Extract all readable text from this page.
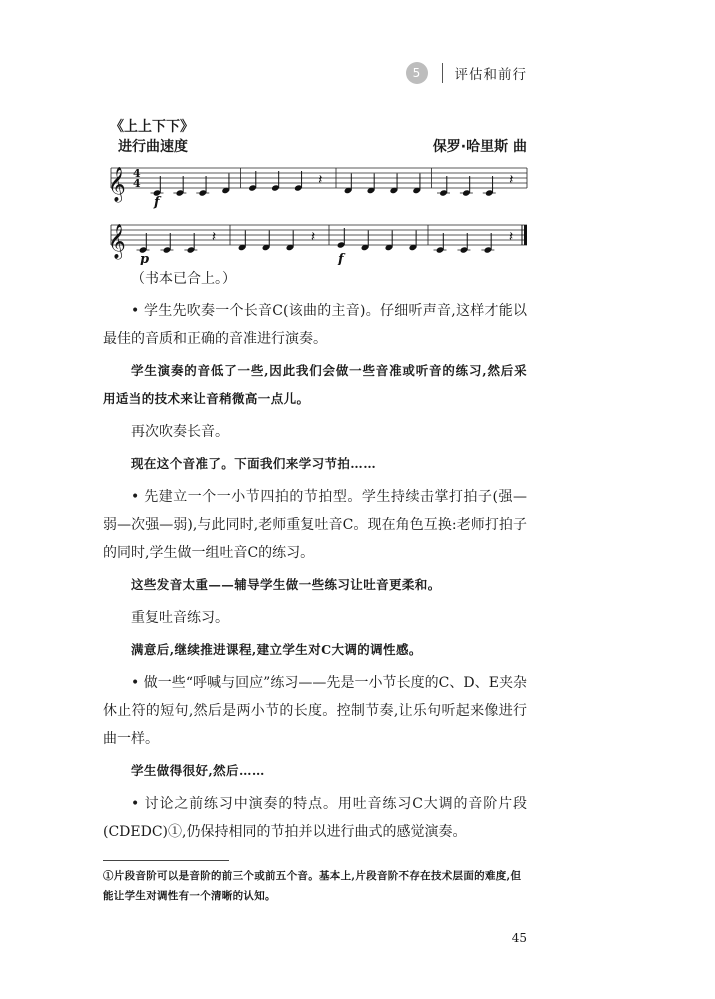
5	评估和前行
《上上下下》
进行曲速度	保罗·哈里斯 曲
𝄞 4
4	𝄽	𝄽
f
𝄞	𝄽	𝄽	𝄽
p	f

（书本已合上。）

• 学生先吹奏一个长音C(该曲的主音)。仔细听声音,这样才能以最佳的音质和正确的音准进行演奏。

学生演奏的音低了一些,因此我们会做一些音准或听音的练习,然后采用适当的技术来让音稍微高一点儿。

再次吹奏长音。

现在这个音准了。下面我们来学习节拍……

• 先建立一个一小节四拍的节拍型。学生持续击掌打拍子(强—弱—次强—弱),与此同时,老师重复吐音C。现在角色互换:老师打拍子的同时,学生做一组吐音C的练习。

这些发音太重——辅导学生做一些练习让吐音更柔和。

重复吐音练习。

满意后,继续推进课程,建立学生对C大调的调性感。

• 做一些“呼喊与回应”练习——先是一小节长度的C、D、E夹杂休止符的短句,然后是两小节的长度。控制节奏,让乐句听起来像进行曲一样。

学生做得很好,然后……

• 讨论之前练习中演奏的特点。用吐音练习C大调的音阶片段(CDEDC)①,仍保持相同的节拍并以进行曲式的感觉演奏。

①片段音阶可以是音阶的前三个或前五个音。基本上,片段音阶不存在技术层面的难度,但能让学生对调性有一个清晰的认知。
45
